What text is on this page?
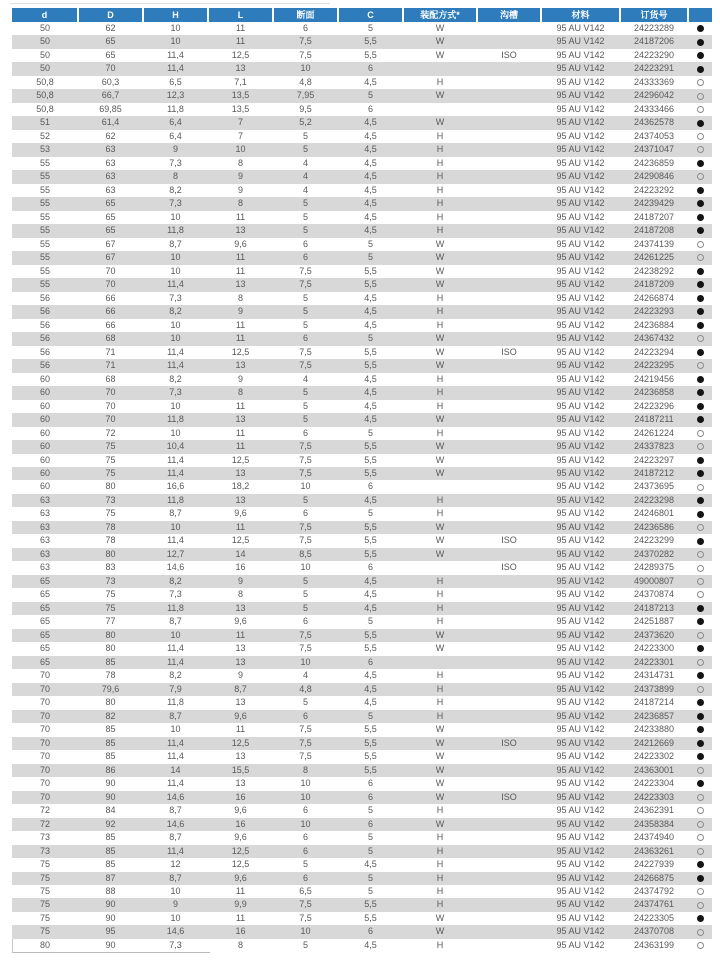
d	D	H	L	断面	C	装配方式*	沟槽	材料	订货号	
50	62	10	11	6	5	W		95 AU V142	24223289	
50	65	10	11	7,5	5,5	W		95 AU V142	24187206	
50	65	11,4	12,5	7,5	5,5	W	ISO	95 AU V142	24223290	
50	70	11,4	13	10	6			95 AU V142	24223291	
50,8	60,3	6,5	7,1	4,8	4,5	H		95 AU V142	24333369	
50,8	66,7	12,3	13,5	7,95	5	W		95 AU V142	24296042	
50,8	69,85	11,8	13,5	9,5	6			95 AU V142	24333466	
51	61,4	6,4	7	5,2	4,5	W		95 AU V142	24362578	
52	62	6,4	7	5	4,5	H		95 AU V142	24374053	
53	63	9	10	5	4,5	H		95 AU V142	24371047	
55	63	7,3	8	4	4,5	H		95 AU V142	24236859	
55	63	8	9	4	4,5	H		95 AU V142	24290846	
55	63	8,2	9	4	4,5	H		95 AU V142	24223292	
55	65	7,3	8	5	4,5	H		95 AU V142	24239429	
55	65	10	11	5	4,5	H		95 AU V142	24187207	
55	65	11,8	13	5	4,5	H		95 AU V142	24187208	
55	67	8,7	9,6	6	5	W		95 AU V142	24374139	
55	67	10	11	6	5	W		95 AU V142	24261225	
55	70	10	11	7,5	5,5	W		95 AU V142	24238292	
55	70	11,4	13	7,5	5,5	W		95 AU V142	24187209	
56	66	7,3	8	5	4,5	H		95 AU V142	24266874	
56	66	8,2	9	5	4,5	H		95 AU V142	24223293	
56	66	10	11	5	4,5	H		95 AU V142	24236884	
56	68	10	11	6	5	W		95 AU V142	24367432	
56	71	11,4	12,5	7,5	5,5	W	ISO	95 AU V142	24223294	
56	71	11,4	13	7,5	5,5	W		95 AU V142	24223295	
60	68	8,2	9	4	4,5	H		95 AU V142	24219456	
60	70	7,3	8	5	4,5	H		95 AU V142	24236858	
60	70	10	11	5	4,5	H		95 AU V142	24223296	
60	70	11,8	13	5	4,5	W		95 AU V142	24187211	
60	72	10	11	6	5	H		95 AU V142	24261224	
60	75	10,4	11	7,5	5,5	W		95 AU V142	24337823	
60	75	11,4	12,5	7,5	5,5	W		95 AU V142	24223297	
60	75	11,4	13	7,5	5,5	W		95 AU V142	24187212	
60	80	16,6	18,2	10	6			95 AU V142	24373695	
63	73	11,8	13	5	4,5	H		95 AU V142	24223298	
63	75	8,7	9,6	6	5	H		95 AU V142	24246801	
63	78	10	11	7,5	5,5	W		95 AU V142	24236586	
63	78	11,4	12,5	7,5	5,5	W	ISO	95 AU V142	24223299	
63	80	12,7	14	8,5	5,5	W		95 AU V142	24370282	
63	83	14,6	16	10	6		ISO	95 AU V142	24289375	
65	73	8,2	9	5	4,5	H		95 AU V142	49000807	
65	75	7,3	8	5	4,5	H		95 AU V142	24370874	
65	75	11,8	13	5	4,5	H		95 AU V142	24187213	
65	77	8,7	9,6	6	5	H		95 AU V142	24251887	
65	80	10	11	7,5	5,5	W		95 AU V142	24373620	
65	80	11,4	13	7,5	5,5	W		95 AU V142	24223300	
65	85	11,4	13	10	6			95 AU V142	24223301	
70	78	8,2	9	4	4,5	H		95 AU V142	24314731	
70	79,6	7,9	8,7	4,8	4,5	H		95 AU V142	24373899	
70	80	11,8	13	5	4,5	H		95 AU V142	24187214	
70	82	8,7	9,6	6	5	H		95 AU V142	24236857	
70	85	10	11	7,5	5,5	W		95 AU V142	24233880	
70	85	11,4	12,5	7,5	5,5	W	ISO	95 AU V142	24212669	
70	85	11,4	13	7,5	5,5	W		95 AU V142	24223302	
70	86	14	15,5	8	5,5	W		95 AU V142	24363001	
70	90	11,4	13	10	6	W		95 AU V142	24223304	
70	90	14,6	16	10	6	W	ISO	95 AU V142	24223303	
72	84	8,7	9,6	6	5	H		95 AU V142	24362391	
72	92	14,6	16	10	6	W		95 AU V142	24358384	
73	85	8,7	9,6	6	5	H		95 AU V142	24374940	
73	85	11,4	12,5	6	5	H		95 AU V142	24363261	
75	85	12	12,5	5	4,5	H		95 AU V142	24227939	
75	87	8,7	9,6	6	5	H		95 AU V142	24266875	
75	88	10	11	6,5	5	H		95 AU V142	24374792	
75	90	9	9,9	7,5	5,5	H		95 AU V142	24374761	
75	90	10	11	7,5	5,5	W		95 AU V142	24223305	
75	95	14,6	16	10	6	W		95 AU V142	24370708	
80	90	7,3	8	5	4,5	H		95 AU V142	24363199	
